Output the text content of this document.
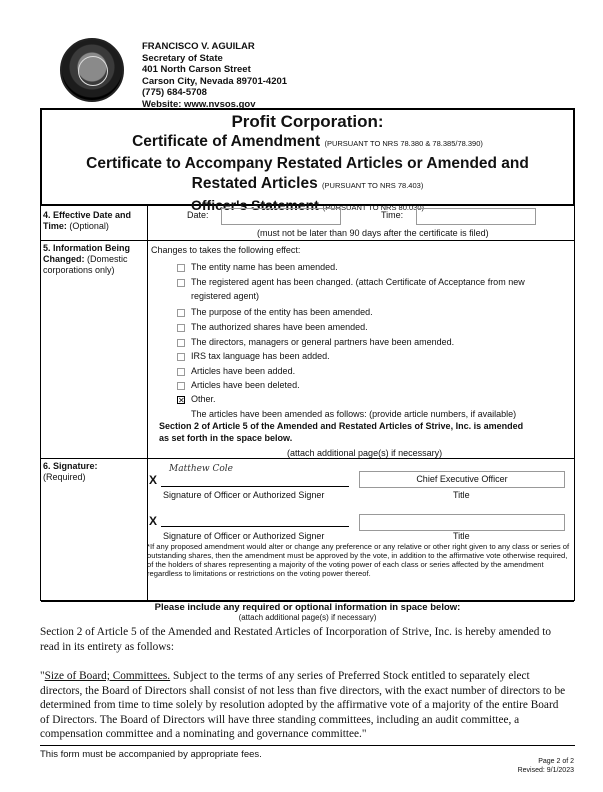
FRANCISCO V. AGUILAR
Secretary of State
401 North Carson Street
Carson City, Nevada 89701-4201
(775) 684-5708
Website: www.nvsos.gov
Profit Corporation:
Certificate of Amendment (PURSUANT TO NRS 78.380 & 78.385/78.390)
Certificate to Accompany Restated Articles or Amended and
Restated Articles (PURSUANT TO NRS 78.403)
Officer's Statement (PURSUANT TO NRS 80.030)
4. Effective Date and Time: (Optional)
Date:	Time:
(must not be later than 90 days after the certificate is filed)
5. Information Being Changed: (Domestic corporations only)
Changes to takes the following effect:
The entity name has been amended.
The registered agent has been changed. (attach Certificate of Acceptance from new
registered agent)
The purpose of the entity has been amended.
The authorized shares have been amended.
The directors, managers or general partners have been amended.
IRS tax language has been added.
Articles have been added.
Articles have been deleted.
✕ Other.
The articles have been amended as follows: (provide article numbers, if available)
Section 2 of Article 5 of the Amended and Restated Articles of Strive, Inc. is amended
as set forth in the space below.
(attach additional page(s) if necessary)
6. Signature:
(Required)	X
Matthew Cole
Signature of Officer or Authorized Signer
Chief Executive Officer
Title
X
Signature of Officer or Authorized Signer	Title
*If any proposed amendment would alter or change any preference or any relative or other right given to any class or series of outstanding shares, then the amendment must be approved by the vote, in addition to the affirmative vote otherwise required, of the holders of shares representing a majority of the voting power of each class or series affected by the amendment regardless to limitations or restrictions on the voting power thereof.
Please include any required or optional information in space below:
(attach additional page(s) if necessary)
Section 2 of Article 5 of the Amended and Restated Articles of Incorporation of Strive, Inc. is hereby amended to read in its entirety as follows:
"Size of Board; Committees. Subject to the terms of any series of Preferred Stock entitled to separately elect directors, the Board of Directors shall consist of not less than five directors, with the exact number of directors to be determined from time to time solely by resolution adopted by the affirmative vote of a majority of the entire Board of Directors. The Board of Directors will have three standing committees, including an audit committee, a compensation committee and a nominating and governance committee."
This form must be accompanied by appropriate fees.
Page 2 of 2
Revised: 9/1/2023
